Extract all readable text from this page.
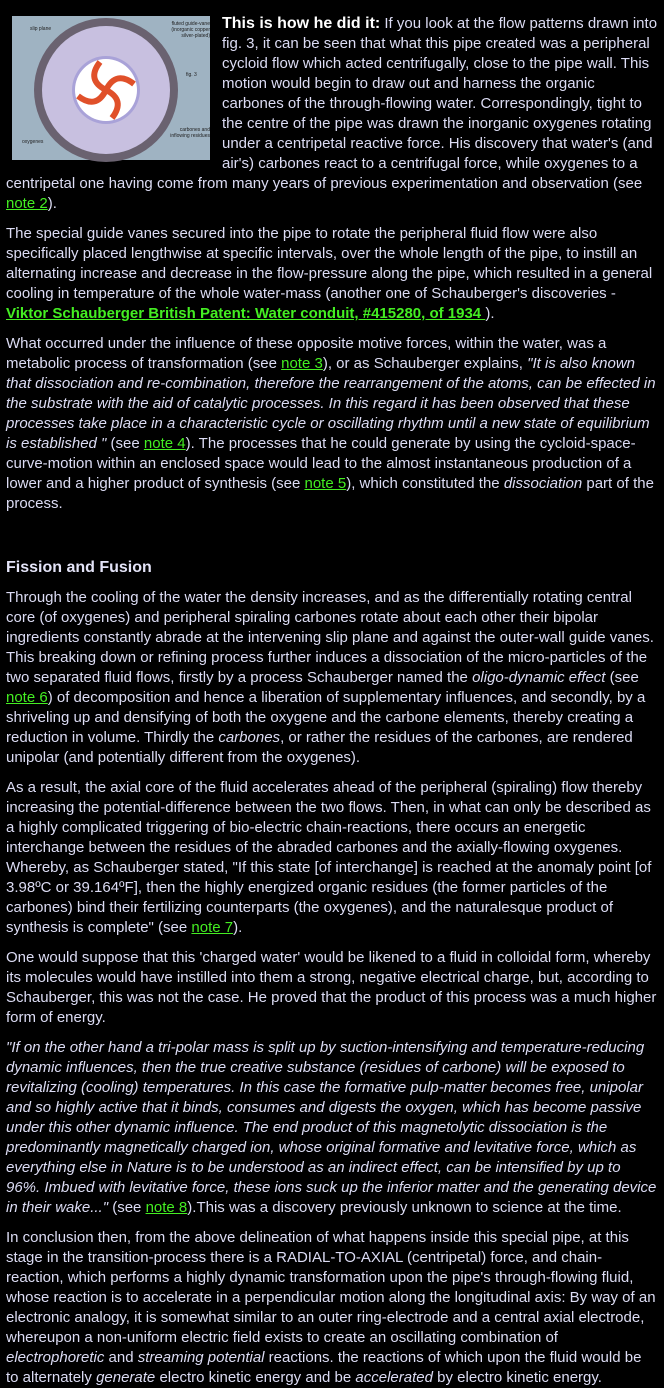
slip plane
fluted guide-vane (inorganic copper silver-plated)
fig. 3
carbones and inflowing residues
oxygenes

This is how he did it: If you look at the flow patterns drawn into fig. 3, it can be seen that what this pipe created was a peripheral cycloid flow which acted centrifugally, close to the pipe wall. This motion would begin to draw out and harness the organic carbones of the through-flowing water. Correspondingly, tight to the centre of the pipe was drawn the inorganic oxygenes rotating under a centripetal reactive force. His discovery that water's (and air's) carbones react to a centrifugal force, while oxygenes to a centripetal one having come from many years of previous experimentation and observation (see note 2).

The special guide vanes secured into the pipe to rotate the peripheral fluid flow were also specifically placed lengthwise at specific intervals, over the whole length of the pipe, to instill an alternating increase and decrease in the flow-pressure along the pipe, which resulted in a general cooling in temperature of the whole water-mass (another one of Schauberger's discoveries - Viktor Schauberger British Patent: Water conduit, #415280, of 1934 ).

What occurred under the influence of these opposite motive forces, within the water, was a metabolic process of transformation (see note 3), or as Schauberger explains, "It is also known that dissociation and re-combination, therefore the rearrangement of the atoms, can be effected in the substrate with the aid of catalytic processes. In this regard it has been observed that these processes take place in a characteristic cycle or oscillating rhythm until a new state of equilibrium is established " (see note 4). The processes that he could generate by using the cycloid-space-curve-motion within an enclosed space would lead to the almost instantaneous production of a lower and a higher product of synthesis (see note 5), which constituted the dissociation part of the process.

Fission and Fusion

Through the cooling of the water the density increases, and as the differentially rotating central core (of oxygenes) and peripheral spiraling carbones rotate about each other their bipolar ingredients constantly abrade at the intervening slip plane and against the outer-wall guide vanes. This breaking down or refining process further induces a dissociation of the micro-particles of the two separated fluid flows, firstly by a process Schauberger named the oligo-dynamic effect (see note 6) of decomposition and hence a liberation of supplementary influences, and secondly, by a shriveling up and densifying of both the oxygene and the carbone elements, thereby creating a reduction in volume. Thirdly the carbones, or rather the residues of the carbones, are rendered unipolar (and potentially different from the oxygenes).

As a result, the axial core of the fluid accelerates ahead of the peripheral (spiraling) flow thereby increasing the potential-difference between the two flows. Then, in what can only be described as a highly complicated triggering of bio-electric chain-reactions, there occurs an energetic interchange between the residues of the abraded carbones and the axially-flowing oxygenes. Whereby, as Schauberger stated, "If this state [of interchange] is reached at the anomaly point [of 3.98ºC or 39.164ºF], then the highly energized organic residues (the former particles of the carbones) bind their fertilizing counterparts (the oxygenes), and the naturalesque product of synthesis is complete" (see note 7).

One would suppose that this 'charged water' would be likened to a fluid in colloidal form, whereby its molecules would have instilled into them a strong, negative electrical charge, but, according to Schauberger, this was not the case. He proved that the product of this process was a much higher form of energy.

"If on the other hand a tri-polar mass is split up by suction-intensifying and temperature-reducing dynamic influences, then the true creative substance (residues of carbone) will be exposed to revitalizing (cooling) temperatures. In this case the formative pulp-matter becomes free, unipolar and so highly active that it binds, consumes and digests the oxygen, which has become passive under this other dynamic influence. The end product of this magnetolytic dissociation is the predominantly magnetically charged ion, whose original formative and levitative force, which as everything else in Nature is to be understood as an indirect effect, can be intensified by up to 96%. Imbued with levitative force, these ions suck up the inferior matter and the generating device in their wake..." (see note 8).This was a discovery previously unknown to science at the time.

In conclusion then, from the above delineation of what happens inside this special pipe, at this stage in the transition-process there is a RADIAL-TO-AXIAL (centripetal) force, and chain-reaction, which performs a highly dynamic transformation upon the pipe's through-flowing fluid, whose reaction is to accelerate in a perpendicular motion along the longitudinal axis: By way of an electronic analogy, it is somewhat similar to an outer ring-electrode and a central axial electrode, whereupon a non-uniform electric field exists to create an oscillating combination of electrophoretic and streaming potential reactions. the reactions of which upon the fluid would be to alternately generate electro kinetic energy and be accelerated by electro kinetic energy.
